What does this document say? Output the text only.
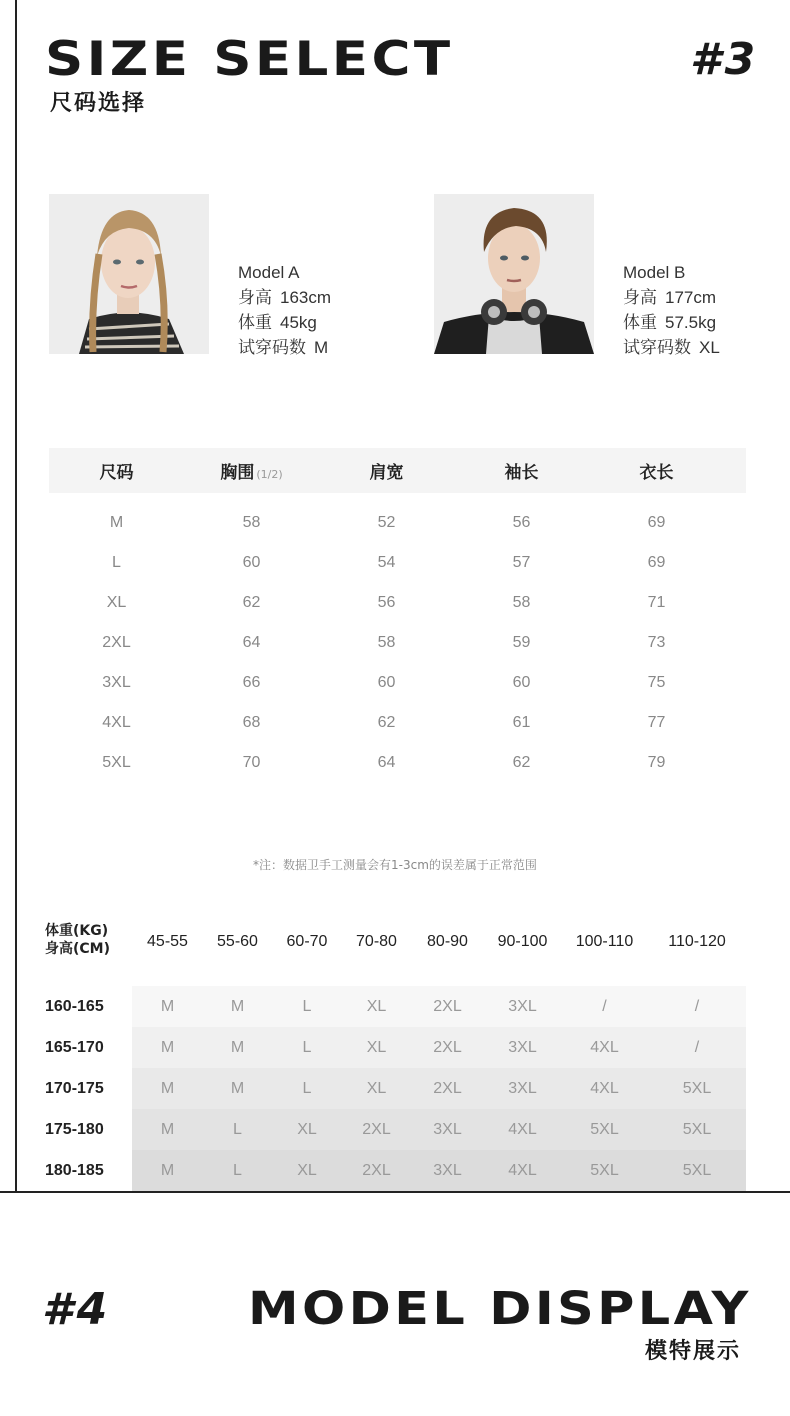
SIZE SELECT	#3
尺码选择
Model A
身高 163cm
体重 45kg
试穿码数 M
Model B
身高 177cm
体重 57.5kg
试穿码数 XL
尺码	胸围 (1/2)	肩宽	袖长	衣长
M	58	52	56	69
L	60	54	57	69
XL	62	56	58	71
2XL	64	58	59	73
3XL	66	60	60	75
4XL	68	62	61	77
5XL	70	64	62	79
*注：数据卫手工测量会有1-3cm的误差属于正常范围
体重(KG)
身高(CM)	45-55	55-60	60-70	70-80	80-90	90-100	100-110	110-120
160-165	M	M	L	XL	2XL	3XL	/	/
165-170	M	M	L	XL	2XL	3XL	4XL	/
170-175	M	M	L	XL	2XL	3XL	4XL	5XL
175-180	M	L	XL	2XL	3XL	4XL	5XL	5XL
180-185	M	L	XL	2XL	3XL	4XL	5XL	5XL
#4	MODEL DISPLAY
模特展示
